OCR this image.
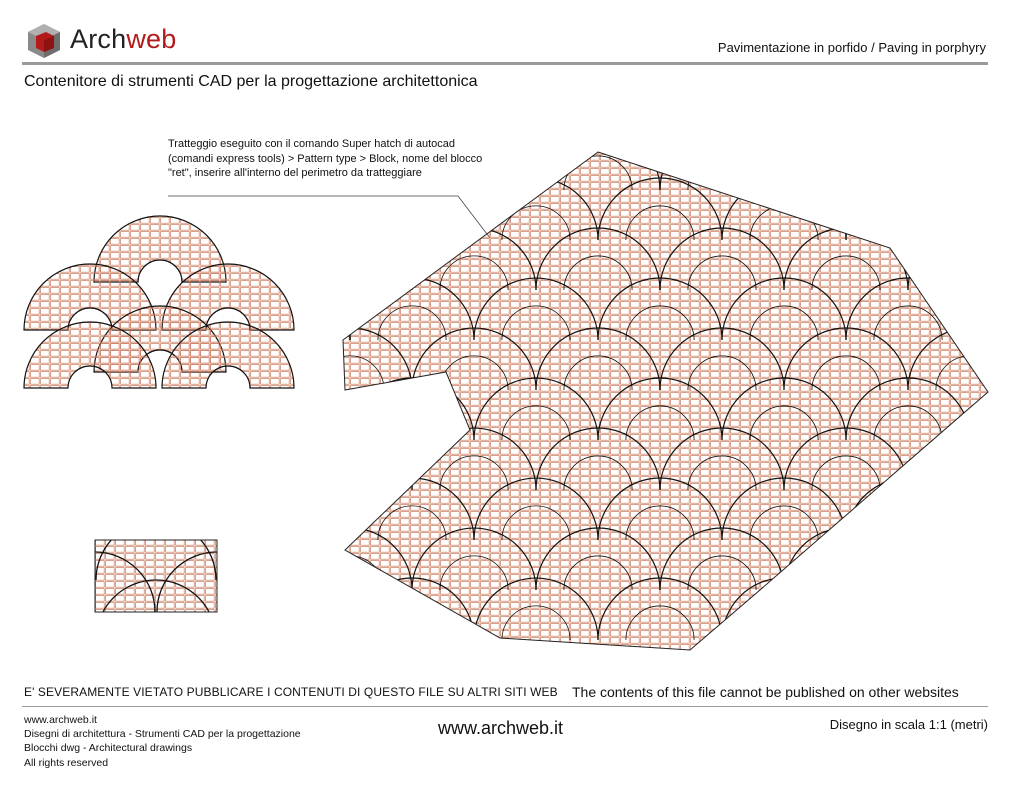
Archweb	Pavimentazione in porfido / Paving in porphyry
Contenitore di strumenti CAD per la progettazione architettonica
Tratteggio eseguito con il comando Super hatch di autocad
(comandi express tools) > Pattern type > Block, nome del blocco
"ret", inserire all'interno del perimetro da tratteggiare
E' SEVERAMENTE VIETATO PUBBLICARE I CONTENUTI DI QUESTO FILE SU ALTRI SITI WEB The contents of this file cannot be published on other websites
www.archweb.it
Disegni di architettura - Strumenti CAD per la progettazione
Blocchi dwg - Architectural drawings
All rights reserved
www.archweb.it	Disegno in scala 1:1 (metri)
